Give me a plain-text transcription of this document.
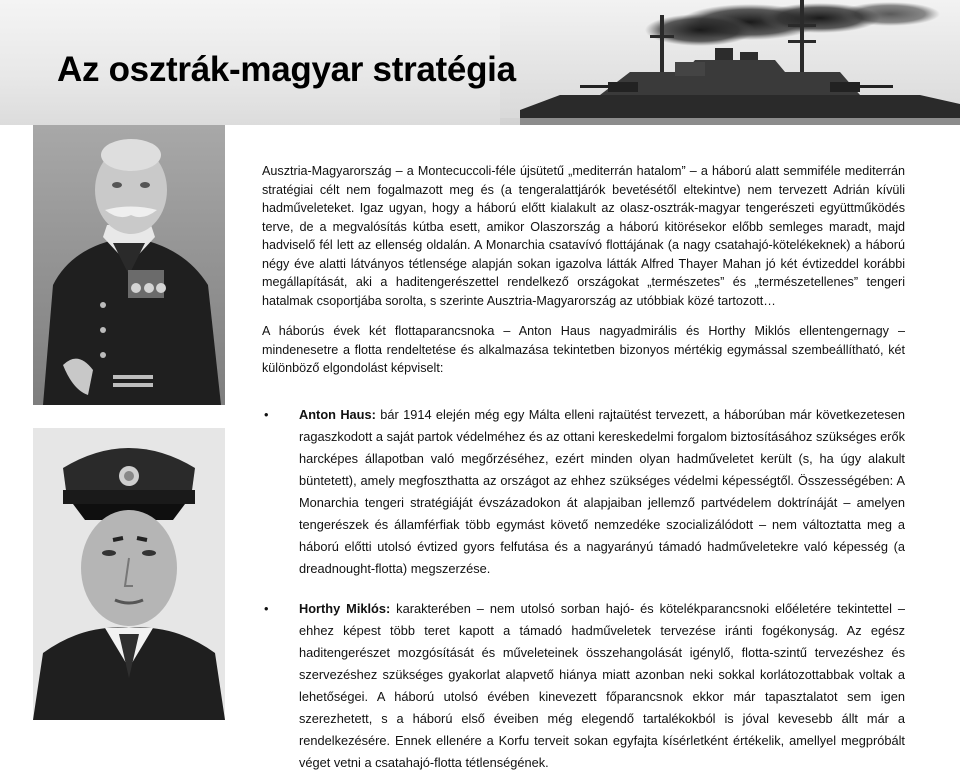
Az osztrák-magyar stratégia

Ausztria-Magyarország – a Montecuccoli-féle újsütetű „mediterrán hatalom” – a háború alatt semmiféle mediterrán stratégiai célt nem fogalmazott meg és (a tengeralattjárók bevetésétől eltekintve) nem tervezett Adrián kívüli hadműveleteket. Igaz ugyan, hogy a háború előtt kialakult az olasz-osztrák-magyar tengerészeti együttműködés terve, de a megvalósítás kútba esett, amikor Olaszország a háború kitörésekor előbb semleges maradt, majd hadviselő fél lett az ellenség oldalán. A Monarchia csatavívó flottájának (a nagy csatahajó-kötelékeknek) a háború négy éve alatti látványos tétlensége alapján sokan igazolva látták Alfred Thayer Mahan jó két évtizeddel korábbi megállapítását, aki a haditengerészettel rendelkező országokat „természetes” és „természetellenes” tengeri hatalmak csoportjába sorolta, s szerinte Ausztria-Magyarország az utóbbiak közé tartozott…

A háborús évek két flottaparancsnoka – Anton Haus nagyadmirális és Horthy Miklós ellentengernagy – mindenesetre a flotta rendeltetése és alkalmazása tekintetben bizonyos mértékig egymással szembeállítható, két különböző elgondolást képviselt:

• Anton Haus: bár 1914 elején még egy Málta elleni rajtaütést tervezett, a háborúban már következetesen ragaszkodott a saját partok védelméhez és az ottani kereskedelmi forgalom biztosításához szükséges erők harcképes állapotban való megőrzéséhez, ezért minden olyan hadműveletet került (s, ha úgy alakult büntetett), amely megfoszthatta az országot az ehhez szükséges védelmi képességtől. Összességében: A Monarchia tengeri stratégiáját évszázadokon át alapjaiban jellemző partvédelem doktrínáját – amelyen tengerészek és államférfiak több egymást követő nemzedéke szocializálódott – nem változtatta meg a háború előtti utolsó évtized gyors felfutása és a nagyarányú támadó hadműveletekre való képesség (a dreadnought-flotta) megszerzése.
• Horthy Miklós: karakterében – nem utolsó sorban hajó- és kötelékparancsnoki előéletére tekintettel – ehhez képest több teret kapott a támadó hadműveletek tervezése iránti fogékonyság. Az egész haditengerészet mozgósítását és műveleteinek összehangolását igénylő, flotta-szintű tervezéshez és szervezéshez szükséges gyakorlat alapvető hiánya miatt azonban neki sokkal korlátozottabbak voltak a lehetőségei. A háború utolsó évében kinevezett főparancsnok ekkor már tapasztalatot sem igen szerezhetett, s a háború első éveiben még elegendő tartalékokból is jóval kevesebb állt már a rendelkezésére. Ennek ellenére a Korfu terveit sokan egyfajta kísérletként értékelik, amellyel megpróbált véget vetni a csatahajó-flotta tétlenségének.
